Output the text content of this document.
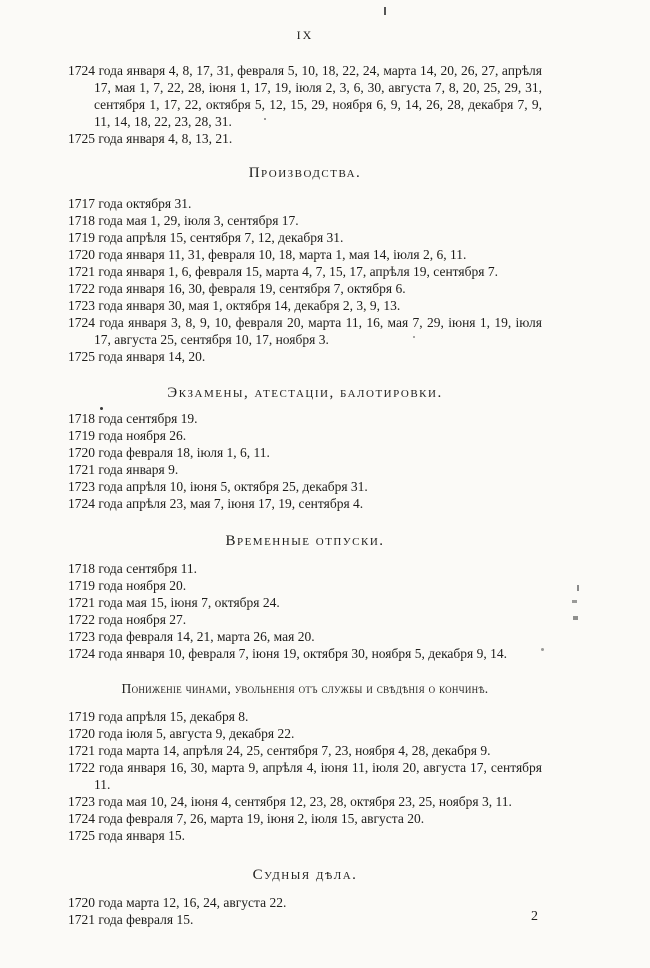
IX

1724 года января 4, 8, 17, 31, февраля 5, 10, 18, 22, 24, марта 14, 20, 26, 27, апрѣля 17, мая 1, 7, 22, 28, іюня 1, 17, 19, іюля 2, 3, 6, 30, августа 7, 8, 20, 25, 29, 31, сентября 1, 17, 22, октября 5, 12, 15, 29, ноября 6, 9, 14, 26, 28, декабря 7, 9, 11, 14, 18, 22, 23, 28, 31.

1725 года января 4, 8, 13, 21.

Производства.

1717 года октября 31.

1718 года мая 1, 29, іюля 3, сентября 17.

1719 года апрѣля 15, сентября 7, 12, декабря 31.

1720 года января 11, 31, февраля 10, 18, марта 1, мая 14, іюля 2, 6, 11.

1721 года января 1, 6, февраля 15, марта 4, 7, 15, 17, апрѣля 19, сентября 7.

1722 года января 16, 30, февраля 19, сентября 7, октября 6.

1723 года января 30, мая 1, октября 14, декабря 2, 3, 9, 13.

1724 года января 3, 8, 9, 10, февраля 20, марта 11, 16, мая 7, 29, іюня 1, 19, іюля 17, августа 25, сентября 10, 17, ноября 3.

1725 года января 14, 20.

Экзамены, атестаціи, балотировки.

1718 года сентября 19.

1719 года ноября 26.

1720 года февраля 18, іюля 1, 6, 11.

1721 года января 9.

1723 года апрѣля 10, іюня 5, октября 25, декабря 31.

1724 года апрѣля 23, мая 7, іюня 17, 19, сентября 4.

Временные отпуски.

1718 года сентября 11.

1719 года ноября 20.

1721 года мая 15, іюня 7, октября 24.

1722 года ноября 27.

1723 года февраля 14, 21, марта 26, мая 20.

1724 года января 10, февраля 7, іюня 19, октября 30, ноября 5, декабря 9, 14.

Пониженіе чинами, увольненія отъ службы и свѣдѣнія о кончинѣ.

1719 года апрѣля 15, декабря 8.

1720 года іюля 5, августа 9, декабря 22.

1721 года марта 14, апрѣля 24, 25, сентября 7, 23, ноября 4, 28, декабря 9.

1722 года января 16, 30, марта 9, апрѣля 4, іюня 11, іюля 20, августа 17, сентября 11.

1723 года мая 10, 24, іюня 4, сентября 12, 23, 28, октября 23, 25, ноября 3, 11.

1724 года февраля 7, 26, марта 19, іюня 2, іюля 15, августа 20.

1725 года января 15.

Судныя дѣла.

1720 года марта 12, 16, 24, августа 22.

1721 года февраля 15.	2
